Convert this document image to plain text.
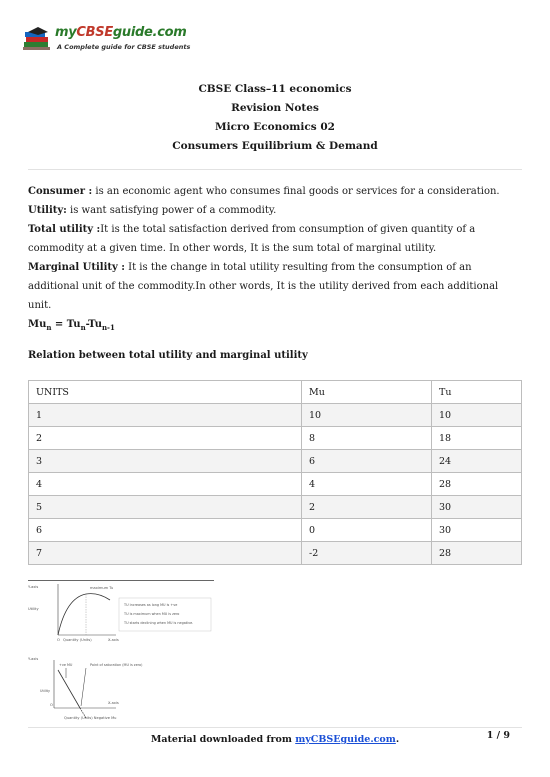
myCBSEguide.com
A Complete guide for CBSE students
CBSE Class–11 economics
Revision Notes
Micro Economics 02
Consumers Equilibrium & Demand

Consumer : is an economic agent who consumes final goods or services for a consideration.

Utility: is want satisfying power of a commodity.

Total utility :It is the total satisfaction derived from consumption of given quantity of a commodity at a given time. In other words, It is the sum total of marginal utility.

Marginal Utility : It is the change in total utility resulting from the consumption of an additional unit of the commodity.In other words, It is the utility derived from each additional unit.

$Mu_n = Tu_n-Tu_{n-1}$

Relation between total utility and marginal utility
UNITS	Mu	Tu
1	10	10
2	8	18
3	6	24
4	4	28
5	2	30
6	0	30
7	-2	28
Y-axis
Utility
maximum Tu
O Quantity (Units)	X-axis
TU increases as long MU is +ve
TU is maximum when MU is zero
TU starts declining when MU is negative.
Y-axis
+ve MU	Point of saturation (MU is zero)
Utility
O	X-axis
Quantity (Units) Negative Mu
Material downloaded from myCBSEguide.com.	1 / 9
